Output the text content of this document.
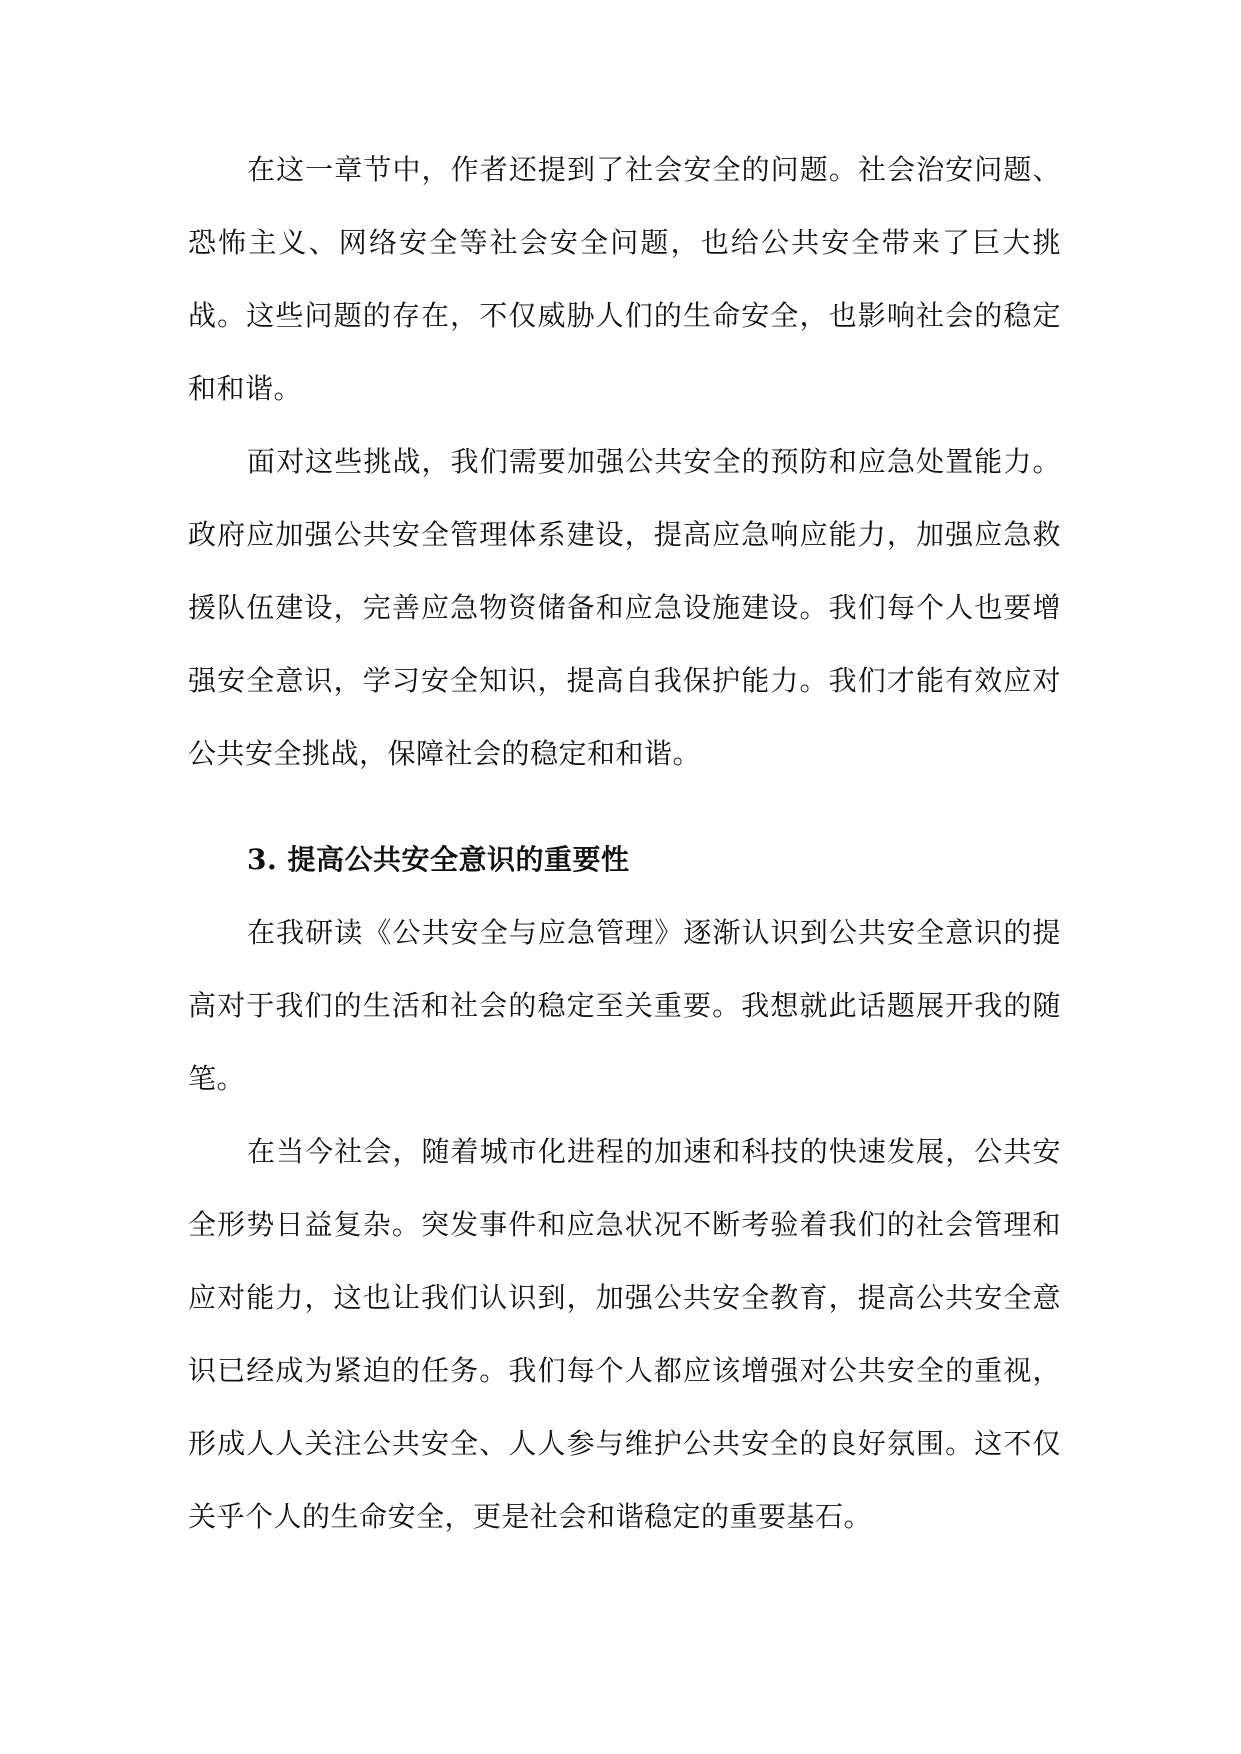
在这一章节中，作者还提到了社会安全的问题。社会治安问题、恐怖主义、网络安全等社会安全问题，也给公共安全带来了巨大挑战。这些问题的存在，不仅威胁人们的生命安全，也影响社会的稳定和和谐。

面对这些挑战，我们需要加强公共安全的预防和应急处置能力。政府应加强公共安全管理体系建设，提高应急响应能力，加强应急救援队伍建设，完善应急物资储备和应急设施建设。我们每个人也要增强安全意识，学习安全知识，提高自我保护能力。我们才能有效应对公共安全挑战，保障社会的稳定和和谐。

3. 提高公共安全意识的重要性

在我研读《公共安全与应急管理》逐渐认识到公共安全意识的提高对于我们的生活和社会的稳定至关重要。我想就此话题展开我的随笔。

在当今社会，随着城市化进程的加速和科技的快速发展，公共安全形势日益复杂。突发事件和应急状况不断考验着我们的社会管理和应对能力，这也让我们认识到，加强公共安全教育，提高公共安全意识已经成为紧迫的任务。我们每个人都应该增强对公共安全的重视，形成人人关注公共安全、人人参与维护公共安全的良好氛围。这不仅关乎个人的生命安全，更是社会和谐稳定的重要基石。
